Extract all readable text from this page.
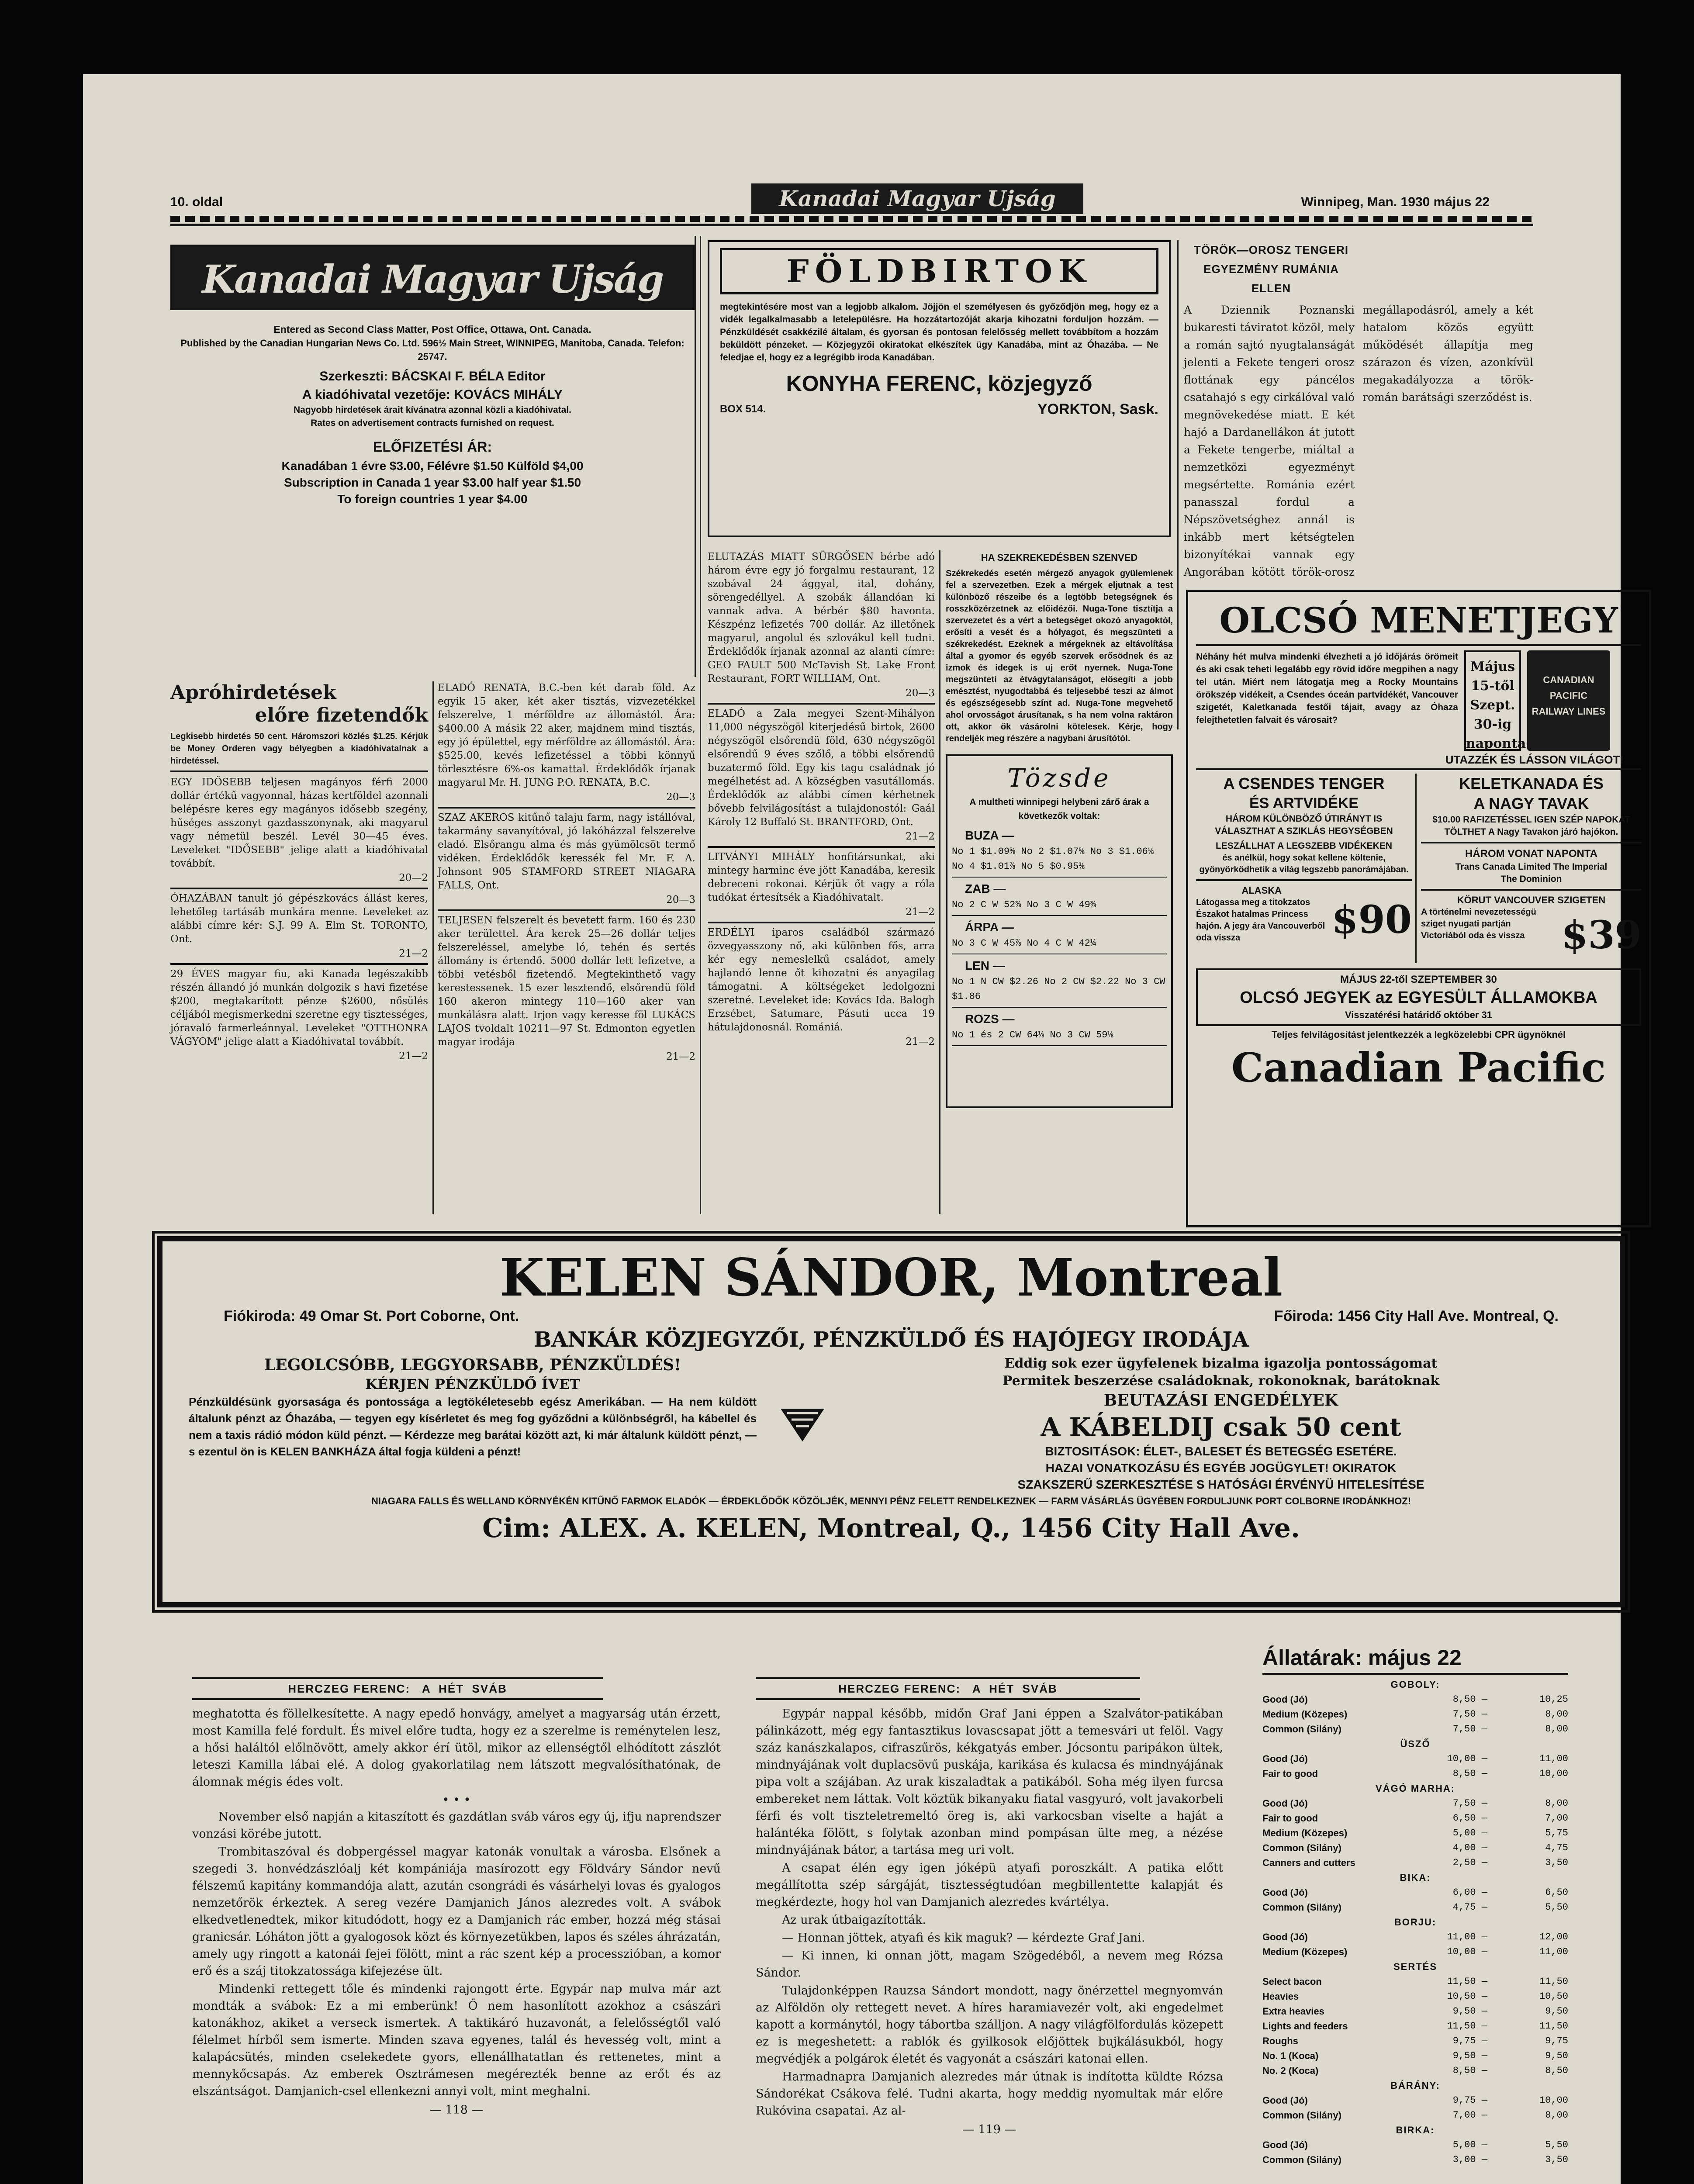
10. oldal	Kanadai Magyar Ujság	Winnipeg, Man. 1930 május 22
Kanadai Magyar Ujság
Entered as Second Class Matter, Post Office, Ottawa, Ont. Canada.
Published by the Canadian Hungarian News Co. Ltd. 596½ Main Street, WINNIPEG, Manitoba, Canada. Telefon: 25747.
Szerkeszti: BÁCSKAI F. BÉLA Editor
A kiadóhivatal vezetője: KOVÁCS MIHÁLY
Nagyobb hirdetések árait kívánatra azonnal közli a kiadóhivatal.
Rates on advertisement contracts furnished on request.
ELŐFIZETÉSI ÁR:
Kanadában 1 évre $3.00, Félévre $1.50 Külföld $4,00
Subscription in Canada 1 year $3.00 half year $1.50
To foreign countries 1 year $4.00
Apróhirdetések
előre fizetendők

Legkisebb hirdetés 50 cent. Háromszori közlés $1.25. Kérjük be Money Orderen vagy bélyegben a kiadóhivatalnak a hirdetéssel.

EGY IDŐSEBB teljesen magányos férfi 2000 dollár értékű vagyonnal, házas kertföldel azonnali belépésre keres egy magányos idősebb szegény, hűséges asszonyt gazdasszonynak, aki magyarul vagy németül beszél. Levél 30—45 éves. Leveleket "IDŐSEBB" jelige alatt a kiadóhivatal továbbít.

20—2

ÓHAZÁBAN tanult jó gépészkovács állást keres, lehetőleg tartásáb munkára menne. Leveleket az alábbi címre kér: S.J. 99 A. Elm St. TORONTO, Ont.

21—2

29 ÉVES magyar fiu, aki Kanada legészakibb részén állandó jó munkán dolgozik s havi fizetése $200, megtakarított pénze $2600, nősülés céljából megismerkedni szeretne egy tisztességes, jóravaló farmerleánnyal. Leveleket "OTTHONRA VÁGYOM" jelige alatt a Kiadóhivatal továbbít.

21—2

ELADÓ RENATA, B.C.-ben két darab föld. Az egyik 15 aker, két aker tisztás, vizvezetékkel felszerelve, 1 mérföldre az állomástól. Ára: $400.00 A másik 22 aker, majdnem mind tisztás, egy jó épülettel, egy mérföldre az állomástól. Ára: $525.00, kevés lefizetéssel a többi könnyű törlesztésre 6%-os kamattal. Érdeklődők írjanak magyarul Mr. H. JUNG P.O. RENATA, B.C.

20—3

SZAZ AKEROS kitűnő talaju farm, nagy istállóval, takarmány savanyítóval, jó lakóházzal felszerelve eladó. Elsőrangu alma és más gyümölcsöt termő vidéken. Érdeklődők keressék fel Mr. F. A. Johnsont 905 STAMFORD STREET NIAGARA FALLS, Ont.

20—3

TELJESEN felszerelt és bevetett farm. 160 és 230 aker területtel. Ára kerek 25—26 dollár teljes felszereléssel, amelybe ló, tehén és sertés állomány is értendő. 5000 dollár lett lefizetve, a többi vetésből fizetendő. Megtekinthető vagy kerestessenek. 15 ezer lesztendő, elsőrendü föld 160 akeron mintegy 110—160 aker van munkálásra alatt. Irjon vagy keresse föl LUKÁCS LAJOS tvoldalt 10211—97 St. Edmonton egyetlen magyar irodája

21—2
FÖLDBIRTOK

megtekintésére most van a legjobb alkalom. Jöjjön el személyesen és győződjön meg, hogy ez a vidék legalkalmasabb a letelepülésre. Ha hozzátartozóját akarja kihozatni forduljon hozzám. — Pénzküldését csakkézilé általam, és gyorsan és pontosan felelősség mellett továbbítom a hozzám beküldött pénzeket. — Közjegyzői okiratokat elkészítek ügy Kanadába, mint az Óhazába. — Ne feledjae el, hogy ez a legrégibb iroda Kanadában.

KONYHA FERENC, közjegyző
BOX 514.	YORKTON, Sask.

ELUTAZÁS MIATT SÜRGŐSEN bérbe adó három évre egy jó forgalmu restaurant, 12 szobával 24 ággyal, ital, dohány, sörengedéllyel. A szobák állandóan ki vannak adva. A bérbér $80 havonta. Készpénz lefizetés 700 dollár. Az illetőnek magyarul, angolul és szlovákul kell tudni. Érdeklődők írjanak azonnal az alanti címre: GEO FAULT 500 McTavish St. Lake Front Restaurant, FORT WILLIAM, Ont.

20—3

ELADÓ a Zala megyei Szent-Mihályon 11,000 négyszögöl kiterjedésű birtok, 2600 négyszögöl elsőrendü föld, 630 négyszögöl elsőrendű 9 éves szőlő, a többi elsőrendű buzatermő föld. Egy kis tagu családnak jó megélhetést ad. A községben vasutállomás. Érdeklődők az alábbi címen kérhetnek bővebb felvilágosítást a tulajdonostól: Gaál Károly 12 Buffaló St. BRANTFORD, Ont.

21—2

LITVÁNYI MIHÁLY honfitársunkat, aki mintegy harminc éve jött Kanadába, keresik debreceni rokonai. Kérjük őt vagy a róla tudókat értesítsék a Kiadóhivatalt.

21—2

ERDÉLYI iparos családból származó özvegyasszony nő, aki különben fős, arra kér egy nemeslelkű családot, amely hajlandó lenne őt kihozatni és anyagilag támogatni. A költségeket ledolgozni szeretné. Leveleket ide: Kovács Ida. Balogh Erzsébet, Satumare, Pásuti ucca 19 hátulajdonosnál. Romániá.

21—2
HA SZEKREKEDÉSBEN SZENVED

Székrekedés esetén mérgező anyagok gyülemlenek fel a szervezetben. Ezek a mérgek eljutnak a test különböző részeibe és a legtöbb betegségnek és rosszközérzetnek az előidézői. Nuga-Tone tisztítja a szervezetet és a vért a betegséget okozó anyagoktól, erősíti a vesét és a hólyagot, és megszünteti a székrekedést. Ezeknek a mérgeknek az eltávolítása által a gyomor és egyéb szervek erősödnek és az izmok és idegek is uj erőt nyernek. Nuga-Tone megszünteti az étvágytalanságot, elősegíti a jobb emésztést, nyugodtabbá és teljesebbé teszi az álmot és egészségesebb színt ad. Nuga-Tone megvehető ahol orvosságot árusítanak, s ha nem volna raktáron ott, akkor ők vásárolni kötelesek. Kérje, hogy rendeljék meg részére a nagybani árusítótól.

Tözsde
A multheti winnipegi helybeni zárő árak a következők voltak:
BUZA —
No 1 $1.09⅝ No 2 $1.07⅝ No 3 $1.06⅛ No 4 $1.01⅞ No 5 $0.95⅜
ZAB —
No 2 C W 52⅜ No 3 C W 49⅜
ÁRPA —
No 3 C W 45⅞ No 4 C W 42¼
LEN —
No 1 N CW $2.26 No 2 CW $2.22 No 3 CW $1.86
ROZS —
No 1 és 2 CW 64⅛ No 3 CW 59⅛
TÖRÖK—OROSZ TENGERI EGYEZMÉNY RUMÁNIA ELLEN
A Dziennik Poznanski bukaresti táviratot közöl, mely a román sajtó nyugtalanságát jelenti a Fekete tengeri orosz flottának egy páncélos csatahajó s egy cirkálóval való megnövekedése miatt. E két hajó a Dardanellákon át jutott a Fekete tengerbe, miáltal a nemzetközi egyezményt megsértette. Románia ezért panasszal fordul a Népszövetséghez annál is inkább mert kétségtelen bizonyítékai vannak egy Angorában kötött török-orosz megállapodásról, amely a két hatalom közös együtt működését állapítja meg szárazon és vízen, azonkívül megakadályozza a török-román barátsági szerződést is.
OLCSÓ MENETJEGY

Néhány hét mulva mindenki élvezheti a jó időjárás örömeit és aki csak teheti legalább egy rövid időre megpihen a nagy tel után. Miért nem látogatja meg a Rocky Mountains örökszép vidékeit, a Csendes óceán partvidékét, Vancouver szigetét, Kaletkanada festői tájait, avagy az Óhaza felejthetetlen falvait és városait?

Május 15-től Szept. 30-ig naponta
CANADIAN PACIFIC RAILWAY LINES
UTAZZÉK ÉS LÁSSON VILÁGOT!
A CSENDES TENGER
ÉS ARTVIDÉKE
HÁROM KÜLÖNBÖZŐ ÚTIRÁNYT IS VÁLASZTHAT A SZIKLÁS HEGYSÉGBEN
LESZÁLLHAT A LEGSZEBB VIDÉKEKEN
és anélkül, hogy sokat kellene költenie, gyönyörködhetik a világ legszebb panorámájában.
ALASKA
Látogassa meg a titokzatos Északot hatalmas Princess hajón. A jegy ára Vancouverből oda vissza	$90
KELETKANADA ÉS
A NAGY TAVAK
$10.00 RAFIZETÉSSEL IGEN SZÉP NAPOKAT TÖLTHET A Nagy Tavakon járó hajókon.
HÁROM VONAT NAPONTA
Trans Canada Limited The Imperial The Dominion
KÖRUT VANCOUVER SZIGETEN
A történelmi nevezetességü sziget nyugati partján Victoriából oda és vissza $39
MÁJUS 22-től SZEPTEMBER 30
OLCSÓ JEGYEK az EGYESÜLT ÁLLAMOKBA
Visszatérési határidő október 31
Teljes felvilágosítást jelentkezzék a legközelebbi CPR ügynöknél
Canadian Pacific
KELEN SÁNDOR, Montreal
Fiókiroda: 49 Omar St. Port Coborne, Ont.	Főiroda: 1456 City Hall Ave. Montreal, Q.
BANKÁR KÖZJEGYZŐI, PÉNZKÜLDŐ ÉS HAJÓJEGY IRODÁJA
LEGOLCSÓBB, LEGGYORSABB, PÉNZKÜLDÉS!
KÉRJEN PÉNZKÜLDŐ ÍVET

Pénzküldésünk gyorsasága és pontossága a legtökéletesebb egész Amerikában. — Ha nem küldött általunk pénzt az Óhazába, — tegyen egy kísérletet és meg fog győződni a különbségről, ha kábellel és nem a taxis rádió módon küld pénzt. — Kérdezze meg barátai között azt, ki már általunk küldött pénzt, — s ezentul ön is KELEN BANKHÁZA által fogja küldeni a pénzt!

Eddig sok ezer ügyfelenek bizalma igazolja pontosságomat
Permitek beszerzése családoknak, rokonoknak, barátoknak
BEUTAZÁSI ENGEDÉLYEK
A KÁBELDIJ csak 50 cent
BIZTOSITÁSOK: ÉLET-, BALESET ÉS BETEGSÉG ESETÉRE.
HAZAI VONATKOZÁSU ÉS EGYÉB JOGÜGYLET! OKIRATOK
SZAKSZERŰ SZERKESZTÉSE S HATÓSÁGI ÉRVÉNYÜ HITELESÍTÉSE
NIAGARA FALLS ÉS WELLAND KÖRNYÉKÉN KITŰNŐ FARMOK ELADÓK — ÉRDEKLŐDŐK KÖZÖLJÉK, MENNYI PÉNZ FELETT RENDELKEZNEK — FARM VÁSÁRLÁS ÜGYÉBEN FORDULJUNK PORT COLBORNE IRODÁNKHOZ!
Cim: ALEX. A. KELEN, Montreal, Q., 1456 City Hall Ave.
HERCZEG FERENC:   A  HÉT  SVÁB

meghatotta és föllelkesítette. A nagy epedő honvágy, amelyet a magyarság után érzett, most Kamilla felé fordult. És mivel előre tudta, hogy ez a szerelme is reménytelen lesz, a hősi haláltól előlnövött, amely akkor érí ütöl, mikor az ellenségtől elhódított zászlót leteszi Kamilla lábai elé. A dolog gyakorlatilag nem látszott megvalósíthatónak, de álomnak mégis édes volt.

• • •

November első napján a kitaszított és gazdátlan sváb város egy új, ifju naprendszer vonzási körébe jutott.

Trombitaszóval és dobpergéssel magyar katonák vonultak a városba. Elsőnek a szegedi 3. honvédzászlóalj két kompániája masírozott egy Földváry Sándor nevű félszemű kapitány kommandója alatt, azután csongrádi és vásárhelyi lovas és gyalogos nemzetőrök érkeztek. A sereg vezére Damjanich János alezredes volt. A svábok elkedvetlenedtek, mikor kitudódott, hogy ez a Damjanich rác ember, hozzá még stásai granicsár. Lóháton jött a gyalogosok közt és környezetükben, lapos és széles áhrázatán, amely ugy ringott a katonái fejei fölött, mint a rác szent kép a processzióban, a komor erő és a száj titokzatossága kifejezése ült.

Mindenki rettegett tőle és mindenki rajongott érte. Egypár nap mulva már azt mondták a svábok: Ez a mi emberünk! Ő nem hasonlított azokhoz a császári katonákhoz, akiket a verseck ismertek. A taktikáró huzavonát, a felelősségtől való félelmet hírből sem ismerte. Minden szava egyenes, talál és hevesség volt, mint a kalapácsütés, minden cselekedete gyors, ellenállhatatlan és rettenetes, mint a mennykőcsapás. Az emberek Osztrámesen megérezték benne az erőt és az elszántságot. Damjanich-csel ellenkezni annyi volt, mint meghalni.

— 118 —
HERCZEG FERENC:   A  HÉT  SVÁB

Egypár nappal később, midőn Graf Jani éppen a Szalvátor-patikában pálinkázott, még egy fantasztikus lovascsapat jött a temesvári ut felöl. Vagy száz kanászkalapos, cifraszűrös, kékgatyás ember. Jócsontu paripákon ültek, mindnyájának volt duplacsövű puskája, karikása és kulacsa és mindnyájának pipa volt a szájában. Az urak kiszaladtak a patikából. Soha még ilyen furcsa embereket nem láttak. Volt köztük bikanyaku fiatal vasgyuró, volt javakorbeli férfi és volt tiszteletremeltó öreg is, aki varkocsban viselte a haját a halántéka fölött, s folytak azonban mind pompásan ülte meg, a nézése mindnyájának bátor, a tartása meg uri volt.

A csapat élén egy igen jóképü atyafi poroszkált. A patika előtt megállította szép sárgáját, tisztességtudóan megbillentette kalapját és megkérdezte, hogy hol van Damjanich alezredes kvártélya.

Az urak útbaigazították.

— Honnan jöttek, atyafi és kik maguk? — kérdezte Graf Jani.

— Ki innen, ki onnan jött, magam Szögedéből, a nevem meg Rózsa Sándor.

Tulajdonképpen Rauzsa Sándort mondott, nagy önérzettel megnyomván az Alföldön oly rettegett nevet. A híres haramiavezér volt, aki engedelmet kapott a kormánytól, hogy tábortba szálljon. A nagy világfölfordulás közepett ez is megeshetett: a rablók és gyilkosok előjöttek bujkálásukból, hogy megvédjék a polgárok életét és vagyonát a császári katonai ellen.

Harmadnapra Damjanich alezredes már útnak is indította küldte Rózsa Sándorékat Csákova felé. Tudni akarta, hogy meddig nyomultak már előre Rukóvina csapatai. Az al-

— 119 —
Állatárak: május 22
GOBOLY:
Good (Jó)	8,50 —	10,25
Medium (Közepes)	7,50 —	8,00
Common (Silány)	7,50 —	8,00
ÜSZŐ
Good (Jó)	10,00 —	11,00
Fair to good	8,50 —	10,00
VÁGÓ MARHA:
Good (Jó)	7,50 —	8,00
Fair to good	6,50 —	7,00
Medium (Közepes)	5,00 —	5,75
Common (Silány)	4,00 —	4,75
Canners and cutters	2,50 —	3,50
BIKA:
Good (Jó)	6,00 —	6,50
Common (Silány)	4,75 —	5,50
BORJU:
Good (Jó)	11,00 —	12,00
Medium (Közepes)	10,00 —	11,00
SERTÉS
Select bacon	11,50 —	11,50
Heavies	10,50 —	10,50
Extra heavies	9,50 —	9,50
Lights and feeders	11,50 —	11,50
Roughs	9,75 —	9,75
No. 1 (Koca)	9,50 —	9,50
No. 2 (Koca)	8,50 —	8,50
BÁRÁNY:
Good (Jó)	9,75 —	10,00
Common (Silány)	7,00 —	8,00
BIRKA:
Good (Jó)	5,00 —	5,50
Common (Silány)	3,00 —	3,50
